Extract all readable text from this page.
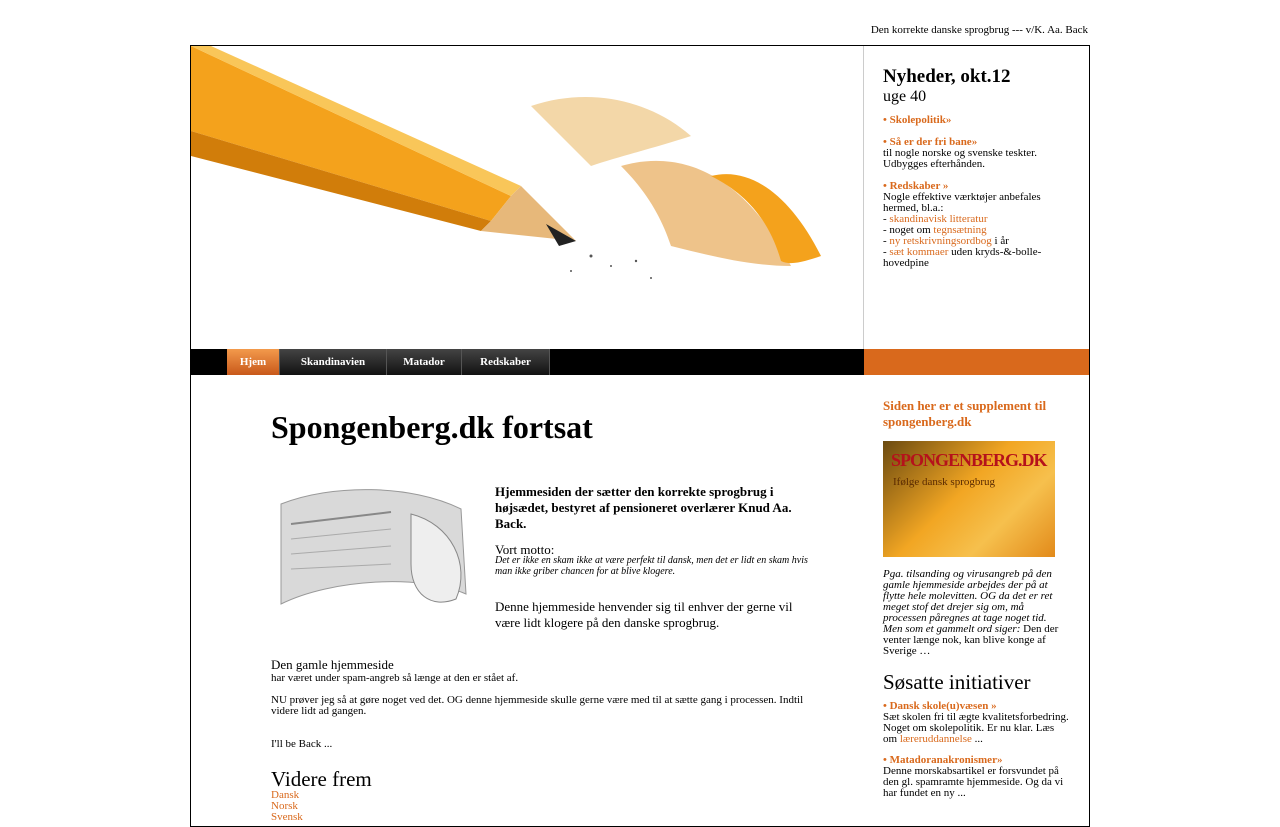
Den korrekte danske sprogbrug --- v/K. Aa. Back
Nyheder, okt.12
uge 40
• Skolepolitik»
• Så er der fri bane»

til nogle norske og svenske teskter. Udbygges efterhånden.

• Redskaber »

Nogle effektive værktøjer anbefales hermed, bl.a.:

- skandinavisk litteratur

- noget om tegnsætning

- ny retskrivningsordbog i år

- sæt kommaer uden kryds-&-bolle-hovedpine

Hjem	Skandinavien	Matador	Redskaber
Spongenberg.dk fortsat
Hjemmesiden der sætter den korrekte sprogbrug i højsædet, bestyret af pensioneret overlærer Knud Aa. Back.
Vort motto:
Det er ikke en skam ikke at være perfekt til dansk, men det er lidt en skam hvis man ikke griber chancen for at blive klogere.
Denne hjemmeside henvender sig til enhver der gerne vil være lidt klogere på den danske sprogbrug.
Den gamle hjemmeside
har været under spam-angreb så længe at den er stået af.
NU prøver jeg så at gøre noget ved det. OG denne hjemmeside skulle gerne være med til at sætte gang i processen. Indtil videre lidt ad gangen.
I'll be Back ...
Videre frem
Dansk
Norsk
Svensk
Siden her er et supplement til spongenberg.dk
SPONGENBERG.DK
Ifølge dansk sprogbrug
Pga. tilsanding og virusangreb på den gamle hjemmeside arbejdes der på at flytte hele molevitten. OG da det er ret meget stof det drejer sig om, må processen påregnes at tage noget tid.
Men som et gammelt ord siger: Den der venter længe nok, kan blive konge af Sverige …
Søsatte initiativer
• Dansk skole(u)væsen »
Sæt skolen fri til ægte kvalitetsforbedring. Noget om skolepolitik. Er nu klar. Læs om læreruddannelse ...
• Matadoranakronismer»
Denne morskabsartikel er forsvundet på den gl. spamramte hjemmeside. Og da vi har fundet en ny ...
